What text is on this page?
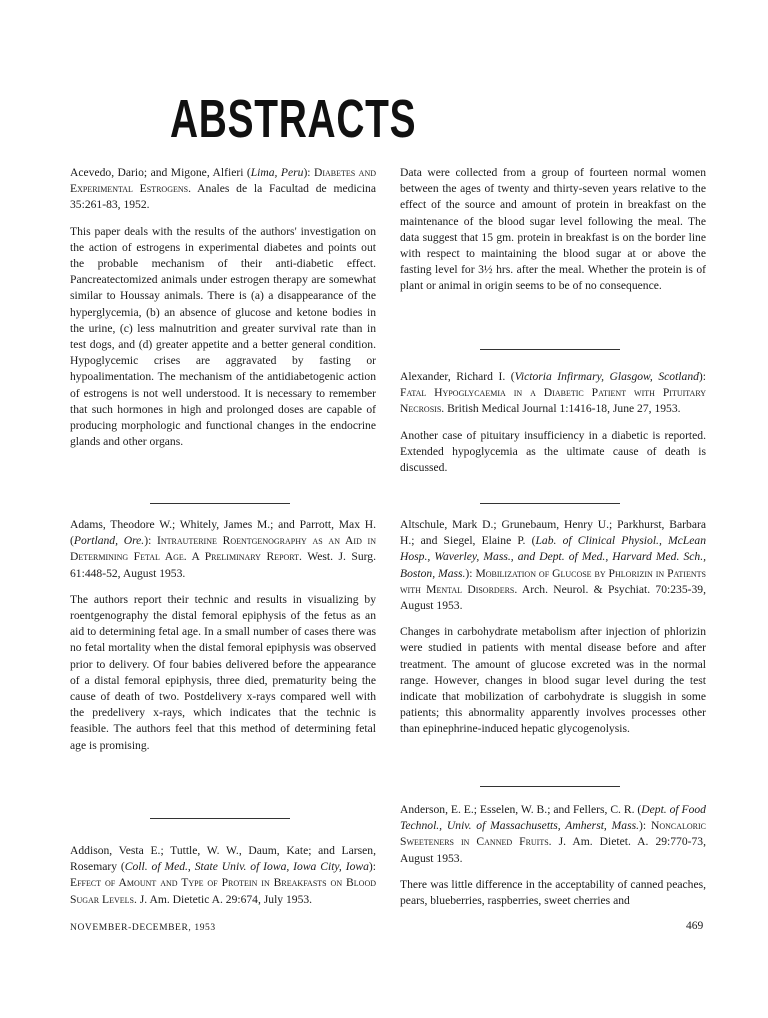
ABSTRACTS

Acevedo, Dario; and Migone, Alfieri (Lima, Peru): Diabetes and Experimental Estrogens. Anales de la Facultad de medicina 35:261-83, 1952.

This paper deals with the results of the authors' investigation on the action of estrogens in experimental diabetes and points out the probable mechanism of their anti-diabetic effect. Pancreatectomized animals under estrogen therapy are somewhat similar to Houssay animals. There is (a) a disappearance of the hyperglycemia, (b) an absence of glucose and ketone bodies in the urine, (c) less malnutrition and greater survival rate than in test dogs, and (d) greater appetite and a better general condition. Hypoglycemic crises are aggravated by fasting or hypoalimentation. The mechanism of the antidiabetogenic action of estrogens is not well understood. It is necessary to remember that such hormones in high and prolonged doses are capable of producing morphologic and functional changes in the endocrine glands and other organs.

Adams, Theodore W.; Whitely, James M.; and Parrott, Max H. (Portland, Ore.): Intrauterine Roentgenography as an Aid in Determining Fetal Age. A Preliminary Report. West. J. Surg. 61:448-52, August 1953.

The authors report their technic and results in visualizing by roentgenography the distal femoral epiphysis of the fetus as an aid to determining fetal age. In a small number of cases there was no fetal mortality when the distal femoral epiphysis was observed prior to delivery. Of four babies delivered before the appearance of a distal femoral epiphysis, three died, prematurity being the cause of death of two. Postdelivery x-rays compared well with the predelivery x-rays, which indicates that the technic is feasible. The authors feel that this method of determining fetal age is promising.

Addison, Vesta E.; Tuttle, W. W., Daum, Kate; and Larsen, Rosemary (Coll. of Med., State Univ. of Iowa, Iowa City, Iowa): Effect of Amount and Type of Protein in Breakfasts on Blood Sugar Levels. J. Am. Dietetic A. 29:674, July 1953.

Data were collected from a group of fourteen normal women between the ages of twenty and thirty-seven years relative to the effect of the source and amount of protein in breakfast on the maintenance of the blood sugar level following the meal. The data suggest that 15 gm. protein in breakfast is on the border line with respect to maintaining the blood sugar at or above the fasting level for 3½ hrs. after the meal. Whether the protein is of plant or animal in origin seems to be of no consequence.

Alexander, Richard I. (Victoria Infirmary, Glasgow, Scotland): Fatal Hypoglycaemia in a Diabetic Patient with Pituitary Necrosis. British Medical Journal 1:1416-18, June 27, 1953.

Another case of pituitary insufficiency in a diabetic is reported. Extended hypoglycemia as the ultimate cause of death is discussed.

Altschule, Mark D.; Grunebaum, Henry U.; Parkhurst, Barbara H.; and Siegel, Elaine P. (Lab. of Clinical Physiol., McLean Hosp., Waverley, Mass., and Dept. of Med., Harvard Med. Sch., Boston, Mass.): Mobilization of Glucose by Phlorizin in Patients with Mental Disorders. Arch. Neurol. & Psychiat. 70:235-39, August 1953.

Changes in carbohydrate metabolism after injection of phlorizin were studied in patients with mental disease before and after treatment. The amount of glucose excreted was in the normal range. However, changes in blood sugar level during the test indicate that mobilization of carbohydrate is sluggish in some patients; this abnormality apparently involves processes other than epinephrine-induced hepatic glycogenolysis.

Anderson, E. E.; Esselen, W. B.; and Fellers, C. R. (Dept. of Food Technol., Univ. of Massachusetts, Amherst, Mass.): Noncaloric Sweeteners in Canned Fruits. J. Am. Dietet. A. 29:770-73, August 1953.

There was little difference in the acceptability of canned peaches, pears, blueberries, raspberries, sweet cherries and

NOVEMBER-DECEMBER, 1953	469
